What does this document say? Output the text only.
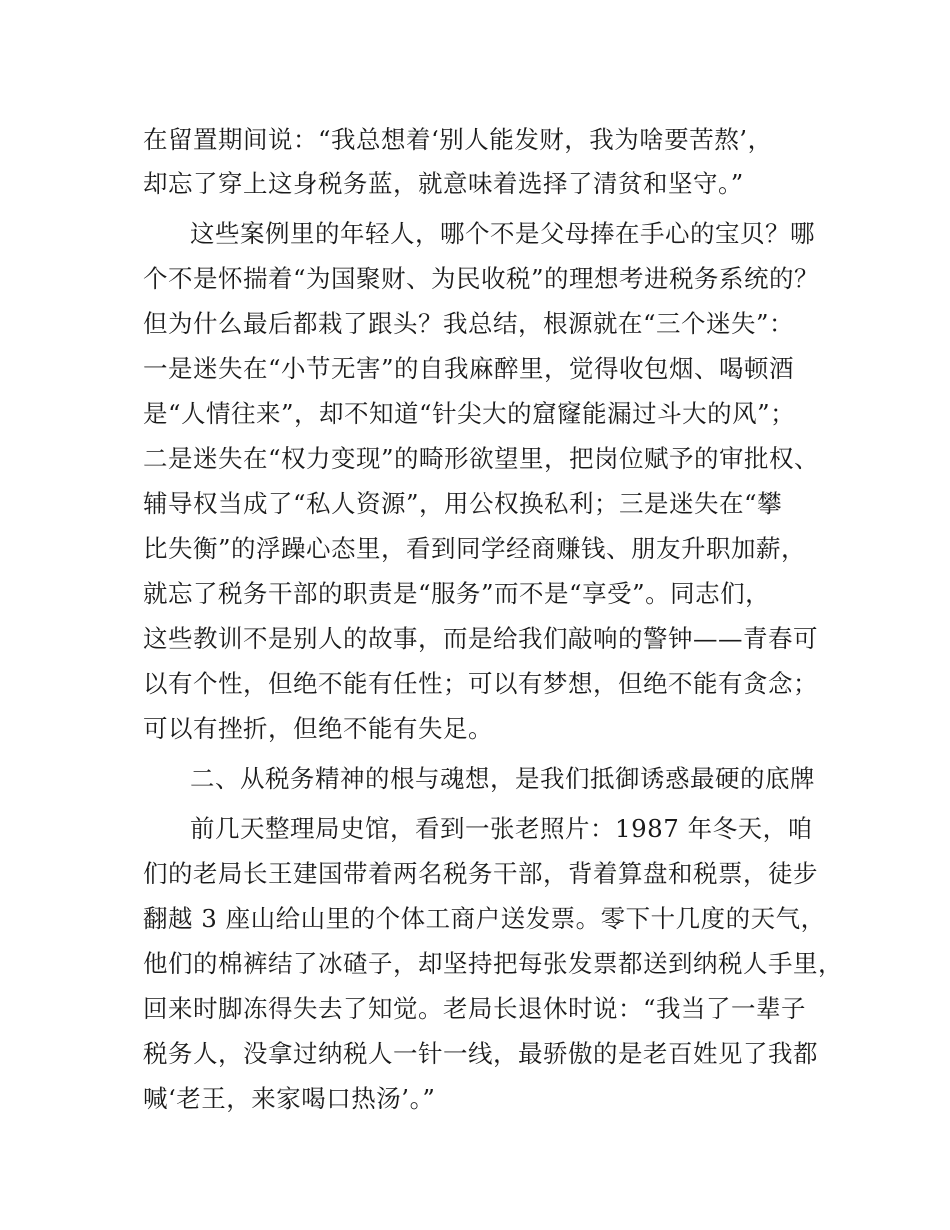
在留置期间说：“我总想着‘别人能发财，我为啥要苦熬’，
却忘了穿上这身税务蓝，就意味着选择了清贫和坚守。”
这些案例里的年轻人，哪个不是父母捧在手心的宝贝？哪
个不是怀揣着“为国聚财、为民收税”的理想考进税务系统的？
但为什么最后都栽了跟头？我总结，根源就在“三个迷失”：
一是迷失在“小节无害”的自我麻醉里，觉得收包烟、喝顿酒
是“人情往来”，却不知道“针尖大的窟窿能漏过斗大的风”；
二是迷失在“权力变现”的畸形欲望里，把岗位赋予的审批权、
辅导权当成了“私人资源”，用公权换私利；三是迷失在“攀
比失衡”的浮躁心态里，看到同学经商赚钱、朋友升职加薪，
就忘了税务干部的职责是“服务”而不是“享受”。同志们，
这些教训不是别人的故事，而是给我们敲响的警钟——青春可
以有个性，但绝不能有任性；可以有梦想，但绝不能有贪念；
可以有挫折，但绝不能有失足。
二、从税务精神的根与魂想，是我们抵御诱惑最硬的底牌
前几天整理局史馆，看到一张老照片：1987 年冬天，咱
们的老局长王建国带着两名税务干部，背着算盘和税票，徒步
翻越 3 座山给山里的个体工商户送发票。零下十几度的天气，
他们的棉裤结了冰碴子，却坚持把每张发票都送到纳税人手里，
回来时脚冻得失去了知觉。老局长退休时说：“我当了一辈子
税务人，没拿过纳税人一针一线，最骄傲的是老百姓见了我都
喊‘老王，来家喝口热汤’。”
